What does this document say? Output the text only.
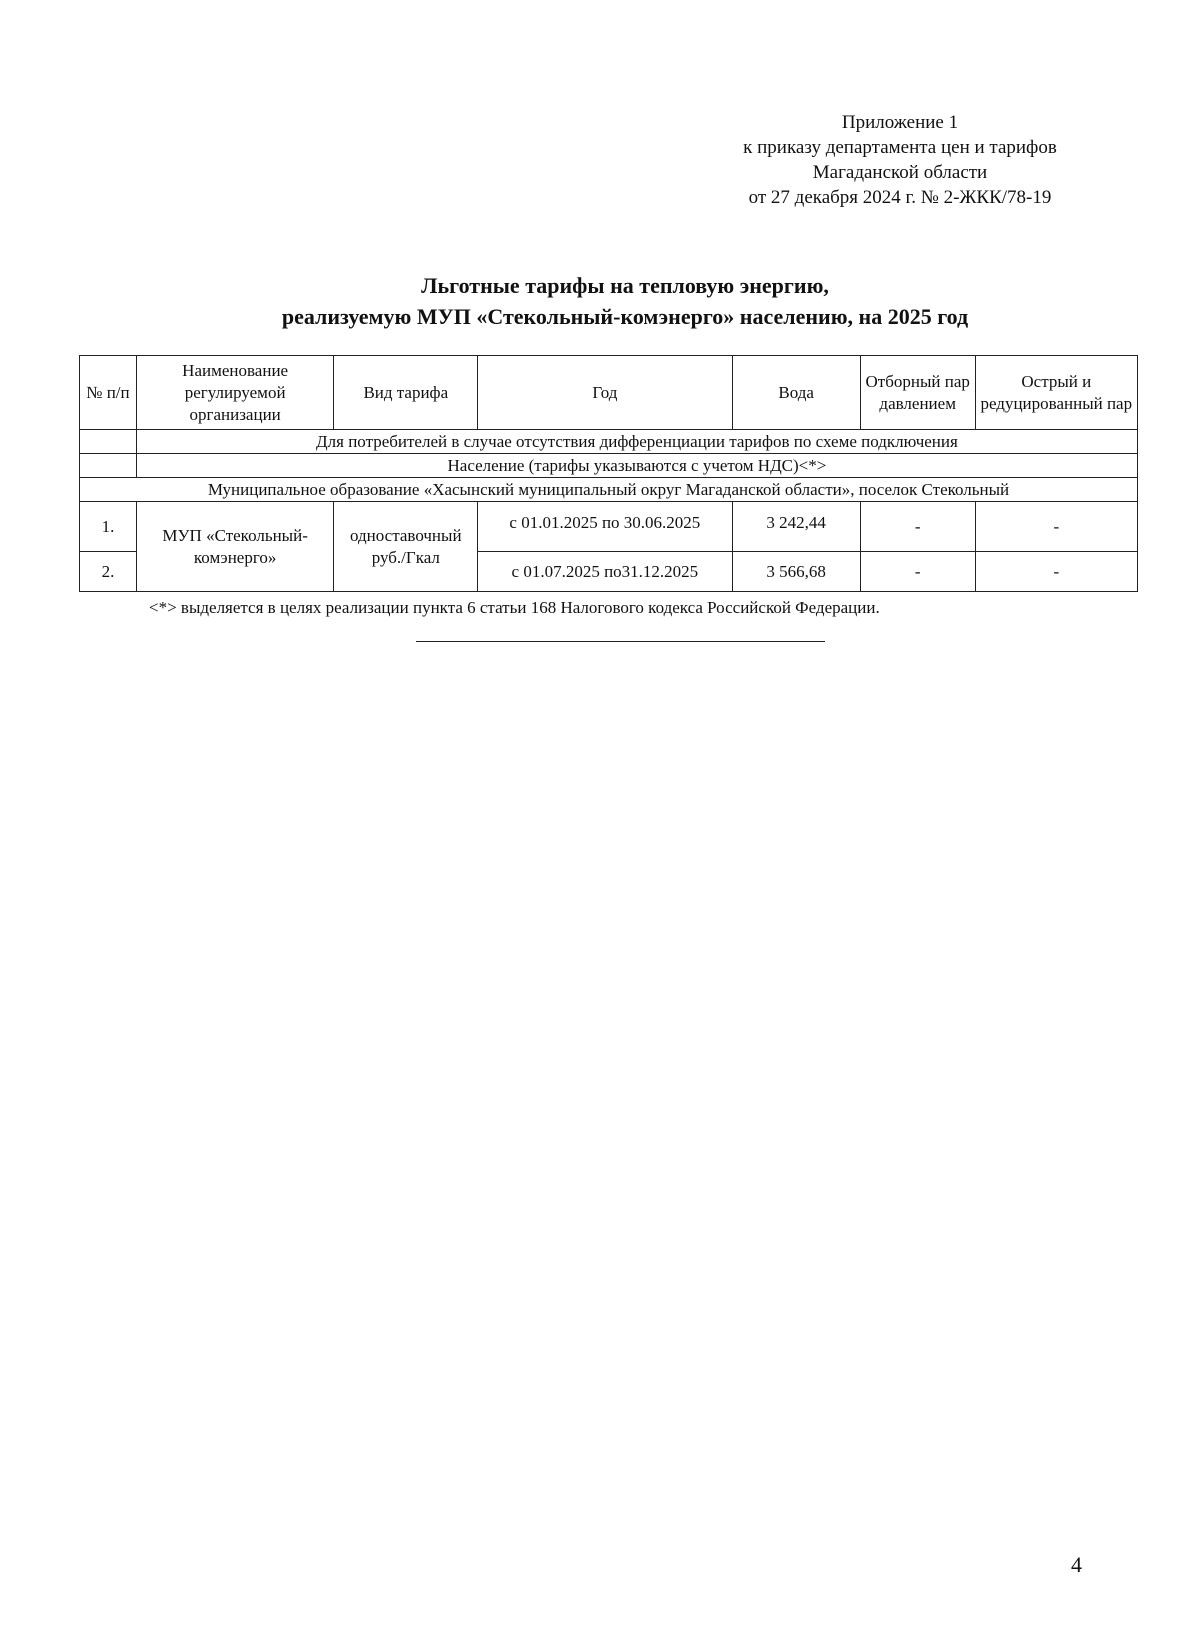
Приложение 1
к приказу департамента цен и тарифов
Магаданской области
от 27 декабря 2024 г. № 2-ЖКК/78-19
Льготные тарифы на тепловую энергию,
реализуемую МУП «Стекольный-комэнерго» населению, на 2025 год
№ п/п	Наименование регулируемой организации	Вид тарифа	Год	Вода	Отборный пар давлением	Острый и редуцированный пар
	Для потребителей в случае отсутствия дифференциации тарифов по схеме подключения					
	Население (тарифы указываются с учетом НДС)<*>					
Муниципальное образование «Хасынский муниципальный округ Магаданской области», поселок Стекольный						
1.	МУП «Стекольный-комэнерго»	одноставочный руб./Гкал	с 01.01.2025 по 30.06.2025	3 242,44	-	-
2.			с 01.07.2025 по31.12.2025	3 566,68	-	-
<*> выделяется в целях реализации пункта 6 статьи 168 Налогового кодекса Российской Федерации.
4
